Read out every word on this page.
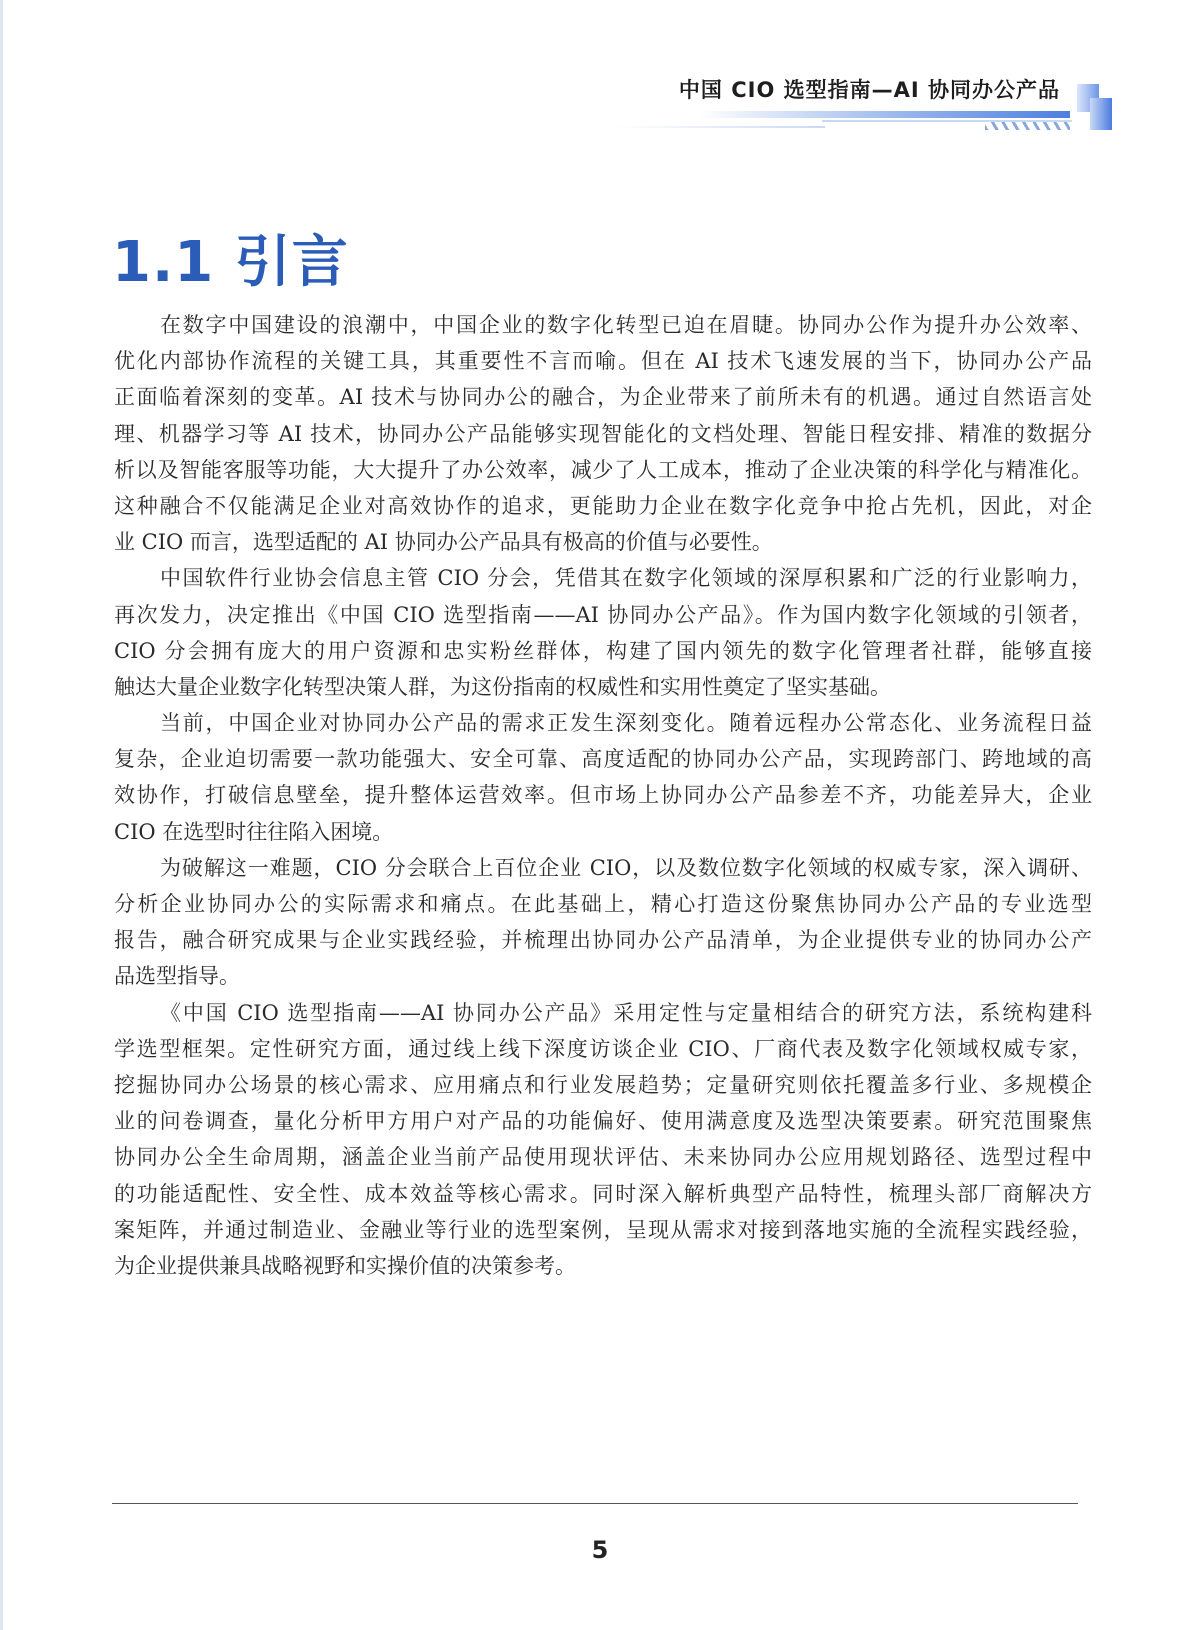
中国 CIO 选型指南—AI 协同办公产品
1.1 引言
在数字中国建设的浪潮中，中国企业的数字化转型已迫在眉睫。协同办公作为提升办公效率、
优化内部协作流程的关键工具，其重要性不言而喻。但在 AI 技术飞速发展的当下，协同办公产品
正面临着深刻的变革。AI 技术与协同办公的融合，为企业带来了前所未有的机遇。通过自然语言处
理、机器学习等 AI 技术，协同办公产品能够实现智能化的文档处理、智能日程安排、精准的数据分
析以及智能客服等功能，大大提升了办公效率，减少了人工成本，推动了企业决策的科学化与精准化。
这种融合不仅能满足企业对高效协作的追求，更能助力企业在数字化竞争中抢占先机，因此，对企
业 CIO 而言，选型适配的 AI 协同办公产品具有极高的价值与必要性。
中国软件行业协会信息主管 CIO 分会，凭借其在数字化领域的深厚积累和广泛的行业影响力，
再次发力，决定推出《中国 CIO 选型指南——AI 协同办公产品》。作为国内数字化领域的引领者，
CIO 分会拥有庞大的用户资源和忠实粉丝群体，构建了国内领先的数字化管理者社群，能够直接
触达大量企业数字化转型决策人群，为这份指南的权威性和实用性奠定了坚实基础。
当前，中国企业对协同办公产品的需求正发生深刻变化。随着远程办公常态化、业务流程日益
复杂，企业迫切需要一款功能强大、安全可靠、高度适配的协同办公产品，实现跨部门、跨地域的高
效协作，打破信息壁垒，提升整体运营效率。但市场上协同办公产品参差不齐，功能差异大，企业
CIO 在选型时往往陷入困境。
为破解这一难题，CIO 分会联合上百位企业 CIO，以及数位数字化领域的权威专家，深入调研、
分析企业协同办公的实际需求和痛点。在此基础上，精心打造这份聚焦协同办公产品的专业选型
报告，融合研究成果与企业实践经验，并梳理出协同办公产品清单，为企业提供专业的协同办公产
品选型指导。
《中国 CIO 选型指南——AI 协同办公产品》采用定性与定量相结合的研究方法，系统构建科
学选型框架。定性研究方面，通过线上线下深度访谈企业 CIO、厂商代表及数字化领域权威专家，
挖掘协同办公场景的核心需求、应用痛点和行业发展趋势；定量研究则依托覆盖多行业、多规模企
业的问卷调查，量化分析甲方用户对产品的功能偏好、使用满意度及选型决策要素。研究范围聚焦
协同办公全生命周期，涵盖企业当前产品使用现状评估、未来协同办公应用规划路径、选型过程中
的功能适配性、安全性、成本效益等核心需求。同时深入解析典型产品特性，梳理头部厂商解决方
案矩阵，并通过制造业、金融业等行业的选型案例，呈现从需求对接到落地实施的全流程实践经验，
为企业提供兼具战略视野和实操价值的决策参考。
5
